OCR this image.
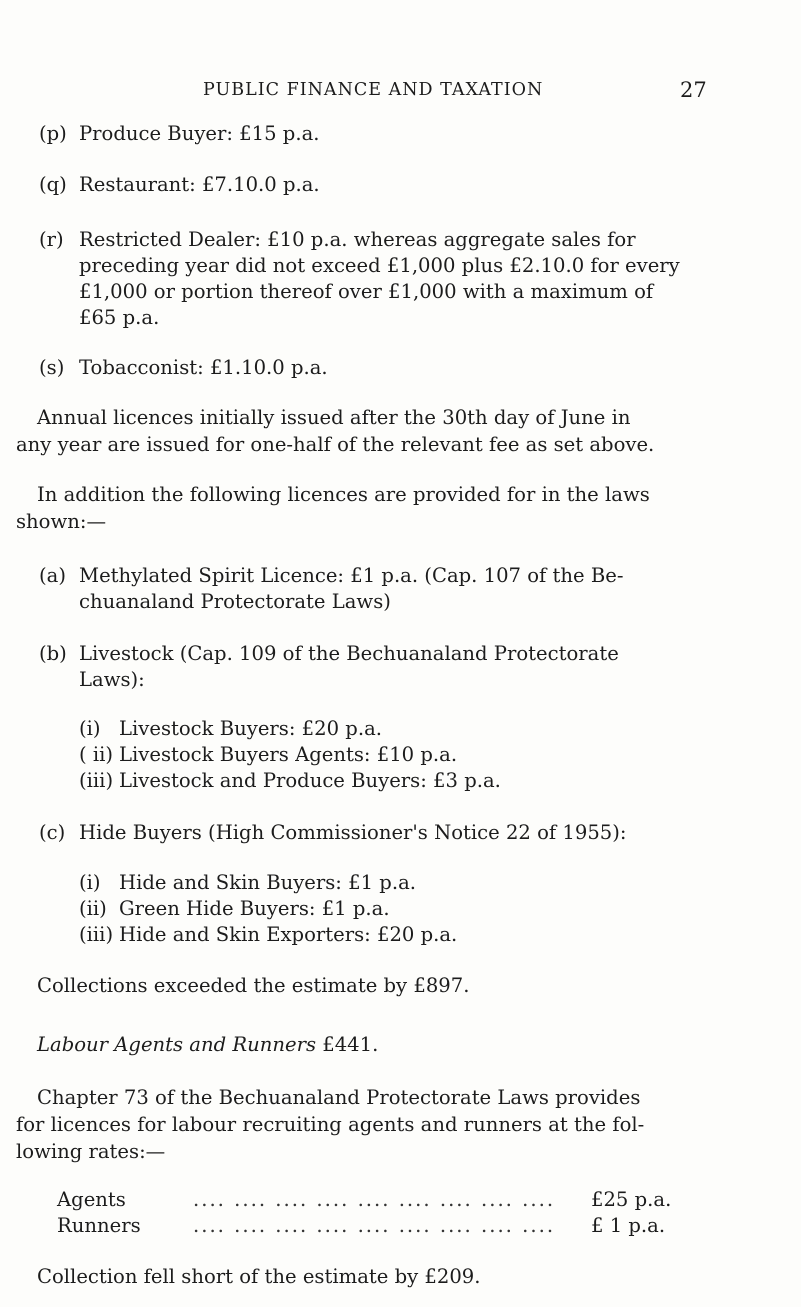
PUBLIC FINANCE AND TAXATION	27
(p) Produce Buyer: £15 p.a.
(q) Restaurant: £7.10.0 p.a.
(r) Restricted Dealer: £10 p.a. whereas aggregate sales for
preceding year did not exceed £1,000 plus £2.10.0 for every
£1,000 or portion thereof over £1,000 with a maximum of
£65 p.a.
(s) Tobacconist: £1.10.0 p.a.
Annual licences initially issued after the 30th day of June in
any year are issued for one-half of the relevant fee as set above.
In addition the following licences are provided for in the laws
shown:—
(a) Methylated Spirit Licence: £1 p.a. (Cap. 107 of the Be-
chuanaland Protectorate Laws)
(b) Livestock (Cap. 109 of the Bechuanaland Protectorate
Laws):
(i) Livestock Buyers: £20 p.a.
( ii) Livestock Buyers Agents: £10 p.a.
(iii) Livestock and Produce Buyers: £3 p.a.
(c) Hide Buyers (High Commissioner's Notice 22 of 1955):
(i) Hide and Skin Buyers: £1 p.a.
(ii) Green Hide Buyers: £1 p.a.
(iii) Hide and Skin Exporters: £20 p.a.
Collections exceeded the estimate by £897.
Labour Agents and Runners £441.
Chapter 73 of the Bechuanaland Protectorate Laws provides
for licences for labour recruiting agents and runners at the fol-
lowing rates:—
Agents	.... .... .... .... .... .... .... .... .... £25 p.a.
Runners	.... .... .... .... .... .... .... .... .... £ 1 p.a.
Collection fell short of the estimate by £209.
